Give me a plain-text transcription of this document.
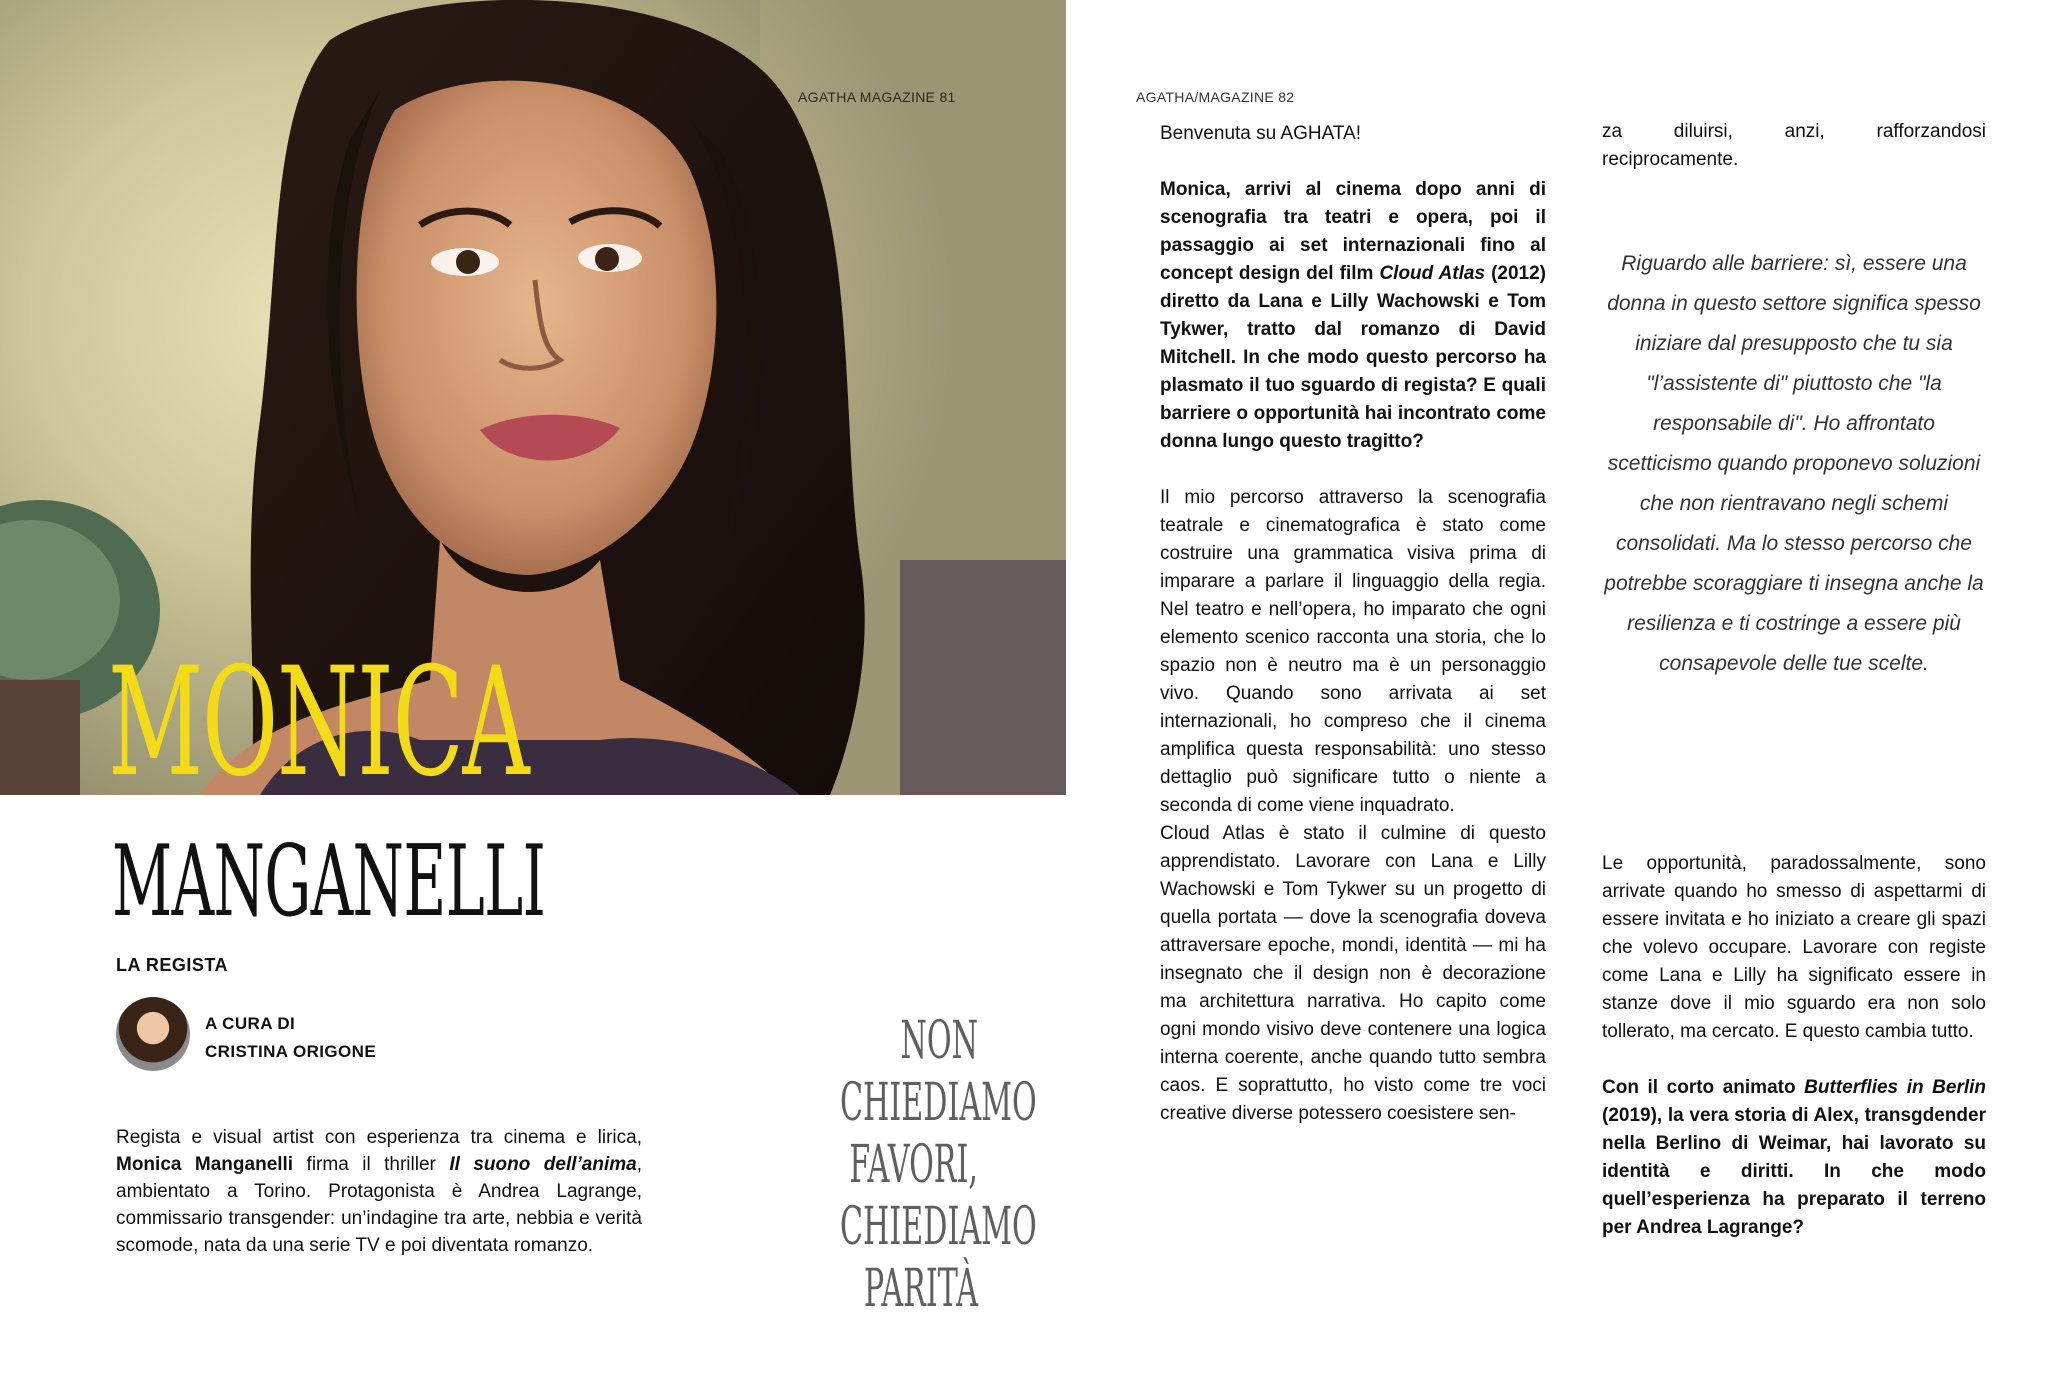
AGATHA MAGAZINE 81
MONICA
MANGANELLI
LA REGISTA
A CURA DI
CRISTINA ORIGONE
Regista e visual artist con esperienza tra cinema e lirica, Monica Manganelli firma il thriller Il suono dell’anima, ambientato a Torino. Protagonista è Andrea Lagrange, commissario transgender: un’indagine tra arte, nebbia e verità scomode, nata da una serie TV e poi diventata romanzo.
NON
CHIEDIAMO
FAVORI,
CHIEDIAMO
PARITÀ
AGATHA/MAGAZINE 82

Benvenuta su AGHATA!

Monica, arrivi al cinema dopo anni di scenografia tra teatri e opera, poi il passaggio ai set internazionali fino al concept design del film Cloud Atlas (2012) diretto da Lana e Lilly Wachowski e Tom Tykwer, tratto dal romanzo di David Mitchell. In che modo questo percorso ha plasmato il tuo sguardo di regista? E quali barriere o opportunità hai incontrato come donna lungo questo tragitto?

Il mio percorso attraverso la scenografia teatrale e cinematografica è stato come costruire una grammatica visiva prima di imparare a parlare il linguaggio della regia. Nel teatro e nell’opera, ho imparato che ogni elemento scenico racconta una storia, che lo spazio non è neutro ma è un personaggio vivo. Quando sono arrivata ai set internazionali, ho compreso che il cinema amplifica questa responsabilità: uno stesso dettaglio può significare tutto o niente a seconda di come viene inquadrato.

Cloud Atlas è stato il culmine di questo apprendistato. Lavorare con Lana e Lilly Wachowski e Tom Tykwer su un progetto di quella portata — dove la scenografia doveva attraversare epoche, mondi, identità — mi ha insegnato che il design non è decorazione ma architettura narrativa. Ho capito come ogni mondo visivo deve contenere una logica interna coerente, anche quando tutto sembra caos. E soprattutto, ho visto come tre voci creative diverse potessero coesistere sen-

za diluirsi, anzi, rafforzandosi reciprocamente.

Riguardo alle barriere: sì, essere una donna in questo settore significa spesso iniziare dal presupposto che tu sia "l’assistente di" piuttosto che "la responsabile di". Ho affrontato scetticismo quando proponevo soluzioni che non rientravano negli schemi consolidati. Ma lo stesso percorso che potrebbe scoraggiare ti insegna anche la resilienza e ti costringe a essere più consapevole delle tue scelte.

Le opportunità, paradossalmente, sono arrivate quando ho smesso di aspettarmi di essere invitata e ho iniziato a creare gli spazi che volevo occupare. Lavorare con registe come Lana e Lilly ha significato essere in stanze dove il mio sguardo era non solo tollerato, ma cercato. E questo cambia tutto.

Con il corto animato Butterflies in Berlin (2019), la vera storia di Alex, transgdender nella Berlino di Weimar, hai lavorato su identità e diritti. In che modo quell’esperienza ha preparato il terreno per Andrea Lagrange?
